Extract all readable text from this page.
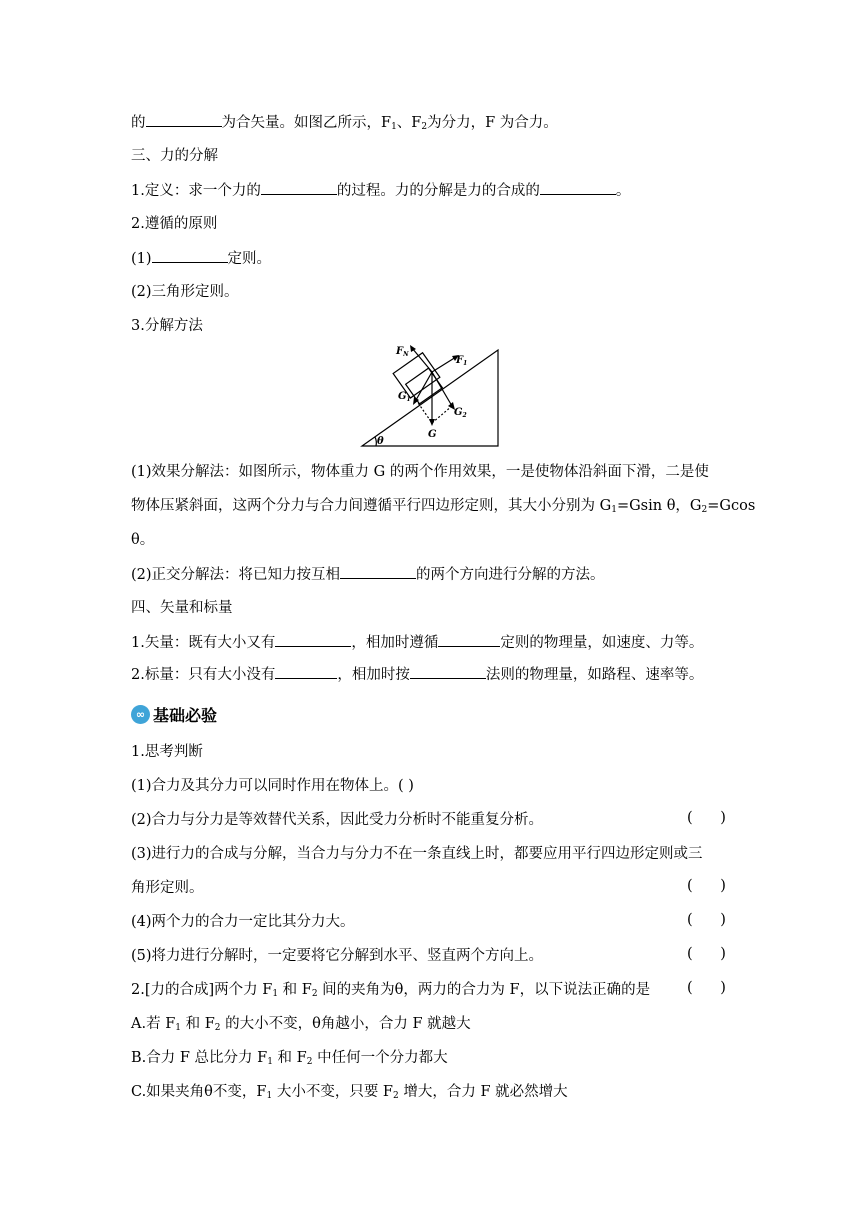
的	为合矢量。如图乙所示，$F_1$、$F_2$为分力，F 为合力。
三、力的分解
1.定义：求一个力的	的过程。力的分解是力的合成的	。
2.遵循的原则
(1)	定则。
(2)三角形定则。
3.分解方法
$F_N$
$F_1$
$G_1$
$G_2$
G
θ
(1)效果分解法：如图所示，物体重力 G 的两个作用效果，一是使物体沿斜面下滑，二是使
物体压紧斜面，这两个分力与合力间遵循平行四边形定则，其大小分别为 $G_1=Gsin$ θ，$G_2=Gcos$
θ。
(2)正交分解法：将已知力按互相	的两个方向进行分解的方法。
四、矢量和标量
1.矢量：既有大小又有	，相加时遵循	定则的物理量，如速度、力等。
2.标量：只有大小没有	，相加时按	法则的物理量，如路程、速率等。
∞ 基础必验
1.思考判断
(1)合力及其分力可以同时作用在物体上。( )
(2)合力与分力是等效替代关系，因此受力分析时不能重复分析。	(      )
(3)进行力的合成与分解，当合力与分力不在一条直线上时，都要应用平行四边形定则或三
角形定则。	(      )
(4)两个力的合力一定比其分力大。	(      )
(5)将力进行分解时，一定要将它分解到水平、竖直两个方向上。	(      )
2.[力的合成]两个力 $F_1$ 和 $F_2$ 间的夹角为θ，两力的合力为 F，以下说法正确的是	(      )
A.若 $F_1$ 和 $F_2$ 的大小不变，θ角越小，合力 F 就越大
B.合力 F 总比分力 $F_1$ 和 $F_2$ 中任何一个分力都大
C.如果夹角θ不变，$F_1$ 大小不变，只要 $F_2$ 增大，合力 F 就必然增大
